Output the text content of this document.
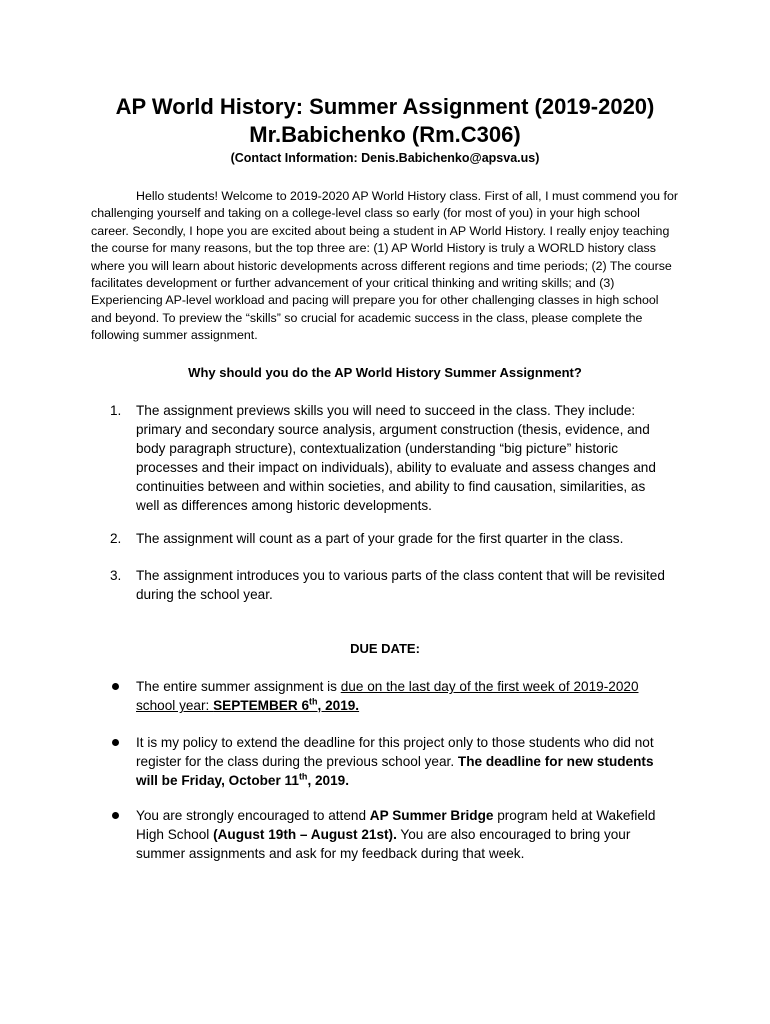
AP World History: Summer Assignment (2019-2020)
Mr.Babichenko (Rm.C306)
(Contact Information: Denis.Babichenko@apsva.us)

Hello students! Welcome to 2019-2020 AP World History class. First of all, I must commend you for challenging yourself and taking on a college-level class so early (for most of you) in your high school career. Secondly, I hope you are excited about being a student in AP World History. I really enjoy teaching the course for many reasons, but the top three are: (1) AP World History is truly a WORLD history class where you will learn about historic developments across different regions and time periods; (2) The course facilitates development or further advancement of your critical thinking and writing skills; and (3) Experiencing AP-level workload and pacing will prepare you for other challenging classes in high school and beyond. To preview the “skills” so crucial for academic success in the class, please complete the following summer assignment.

Why should you do the AP World History Summer Assignment?
1. The assignment previews skills you will need to succeed in the class. They include: primary and secondary source analysis, argument construction (thesis, evidence, and body paragraph structure), contextualization (understanding “big picture” historic processes and their impact on individuals), ability to evaluate and assess changes and continuities between and within societies, and ability to find causation, similarities, as well as differences among historic developments.
2. The assignment will count as a part of your grade for the first quarter in the class.
3. The assignment introduces you to various parts of the class content that will be revisited during the school year.
DUE DATE:
The entire summer assignment is due on the last day of the first week of 2019-2020 school year: SEPTEMBER 6th, 2019.
It is my policy to extend the deadline for this project only to those students who did not register for the class during the previous school year. The deadline for new students will be Friday, October 11th, 2019.
You are strongly encouraged to attend AP Summer Bridge program held at Wakefield High School (August 19th – August 21st). You are also encouraged to bring your summer assignments and ask for my feedback during that week.
